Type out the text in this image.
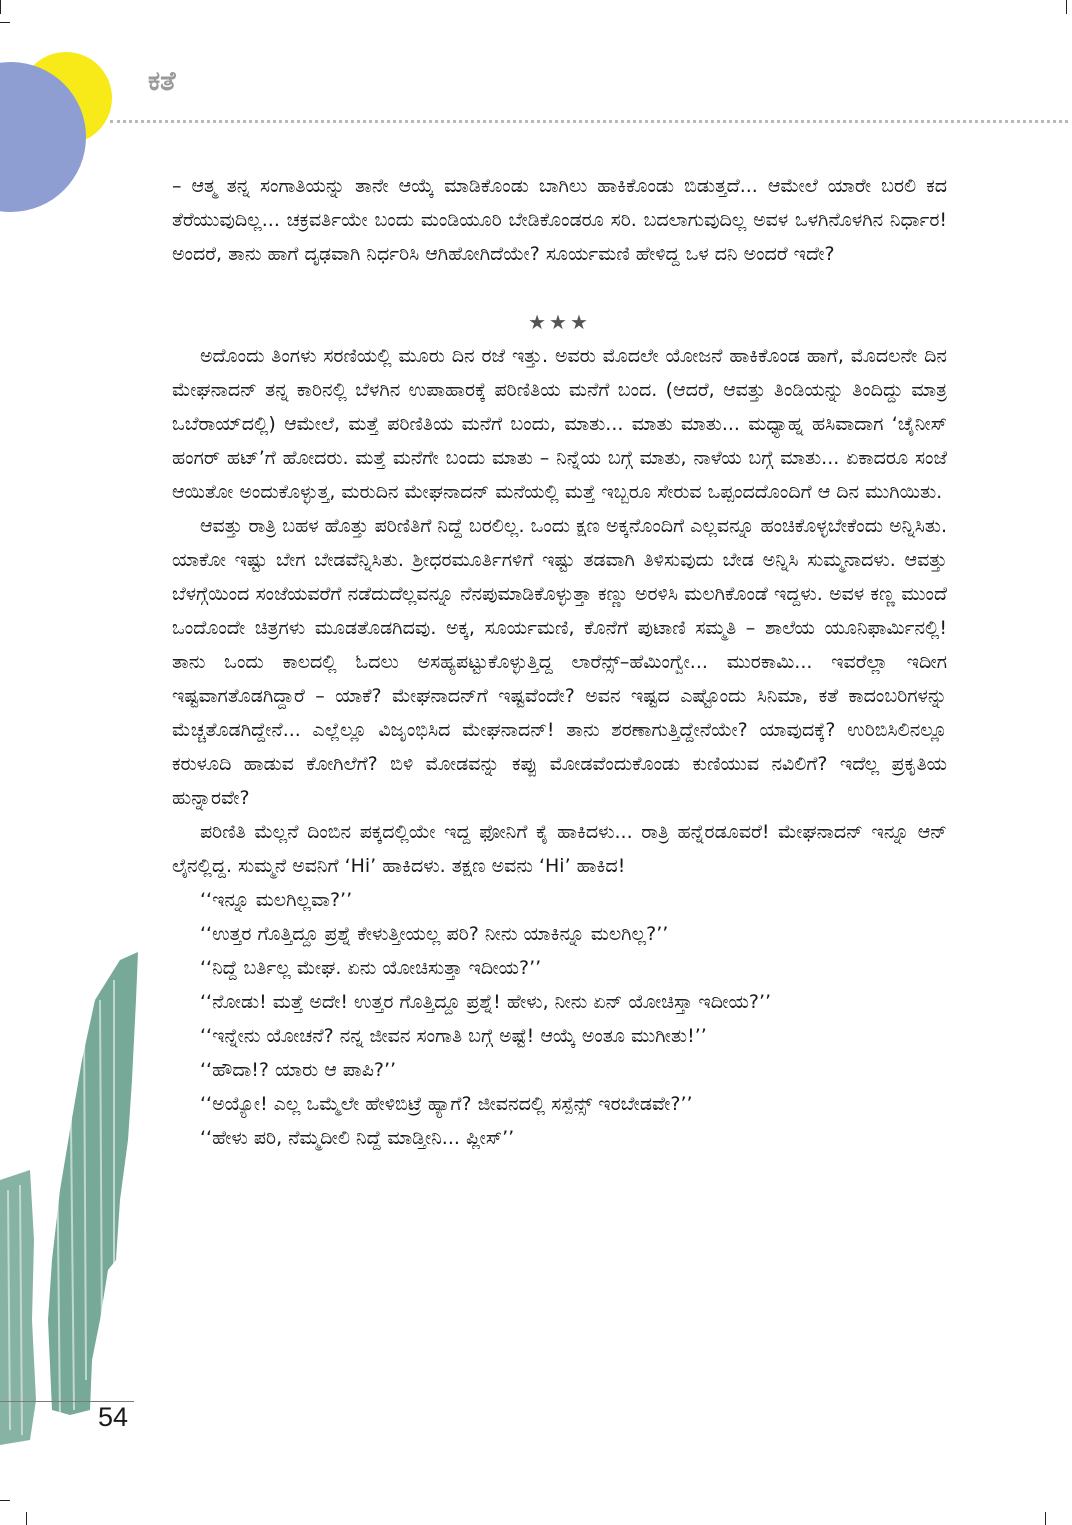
ಕತೆ
54

– ಆತ್ಮ ತನ್ನ ಸಂಗಾತಿಯನ್ನು ತಾನೇ ಆಯ್ಕೆ ಮಾಡಿಕೊಂಡು ಬಾಗಿಲು ಹಾಕಿಕೊಂಡು ಬಿಡುತ್ತದೆ... ಆಮೇಲೆ ಯಾರೇ ಬರಲಿ ಕದ ತೆರೆಯುವುದಿಲ್ಲ... ಚಕ್ರವರ್ತಿಯೇ ಬಂದು ಮಂಡಿಯೂರಿ ಬೇಡಿಕೊಂಡರೂ ಸರಿ. ಬದಲಾಗುವುದಿಲ್ಲ ಅವಳ ಒಳಗಿನೊಳಗಿನ ನಿರ್ಧಾರ! ಅಂದರೆ, ತಾನು ಹಾಗೆ ದೃಢವಾಗಿ ನಿರ್ಧರಿಸಿ ಆಗಿಹೋಗಿದೆಯೇ? ಸೂರ್ಯಮಣಿ ಹೇಳಿದ್ದ ಒಳ ದನಿ ಅಂದರೆ ಇದೇ?

★★★

ಅದೊಂದು ತಿಂಗಳು ಸರಣಿಯಲ್ಲಿ ಮೂರು ದಿನ ರಜೆ ಇತ್ತು. ಅವರು ಮೊದಲೇ ಯೋಜನೆ ಹಾಕಿಕೊಂಡ ಹಾಗೆ, ಮೊದಲನೇ ದಿನ ಮೇಘನಾದನ್ ತನ್ನ ಕಾರಿನಲ್ಲಿ ಬೆಳಗಿನ ಉಪಾಹಾರಕ್ಕೆ ಪರಿಣಿತಿಯ ಮನೆಗೆ ಬಂದ. (ಆದರೆ, ಆವತ್ತು ತಿಂಡಿಯನ್ನು ತಿಂದಿದ್ದು ಮಾತ್ರ ಒಬೆರಾಯ್‌ದಲ್ಲಿ) ಆಮೇಲೆ, ಮತ್ತೆ ಪರಿಣಿತಿಯ ಮನೆಗೆ ಬಂದು, ಮಾತು... ಮಾತು ಮಾತು... ಮಧ್ಯಾಹ್ನ ಹಸಿವಾದಾಗ ‘ಚೈನೀಸ್ ಹಂಗರ್ ಹಟ್’ಗೆ ಹೋದರು. ಮತ್ತೆ ಮನೆಗೇ ಬಂದು ಮಾತು – ನಿನ್ನೆಯ ಬಗ್ಗೆ ಮಾತು, ನಾಳೆಯ ಬಗ್ಗೆ ಮಾತು... ಏಕಾದರೂ ಸಂಜೆ ಆಯಿತೋ ಅಂದುಕೊಳ್ಳುತ್ತ, ಮರುದಿನ ಮೇಘನಾದನ್ ಮನೆಯಲ್ಲಿ ಮತ್ತೆ ಇಬ್ಬರೂ ಸೇರುವ ಒಪ್ಪಂದದೊಂದಿಗೆ ಆ ದಿನ ಮುಗಿಯಿತು.

ಆವತ್ತು ರಾತ್ರಿ ಬಹಳ ಹೊತ್ತು ಪರಿಣಿತಿಗೆ ನಿದ್ದೆ ಬರಲಿಲ್ಲ. ಒಂದು ಕ್ಷಣ ಅಕ್ಕನೊಂದಿಗೆ ಎಲ್ಲವನ್ನೂ ಹಂಚಿಕೊಳ್ಳಬೇಕೆಂದು ಅನ್ನಿಸಿತು. ಯಾಕೋ ಇಷ್ಟು ಬೇಗ ಬೇಡವೆನ್ನಿಸಿತು. ಶ್ರೀಧರಮೂರ್ತಿಗಳಿಗೆ ಇಷ್ಟು ತಡವಾಗಿ ತಿಳಿಸುವುದು ಬೇಡ ಅನ್ನಿಸಿ ಸುಮ್ಮನಾದಳು. ಆವತ್ತು ಬೆಳಗ್ಗೆಯಿಂದ ಸಂಜೆಯವರೆಗೆ ನಡೆದುದೆಲ್ಲವನ್ನೂ ನೆನಪುಮಾಡಿಕೊಳ್ಳುತ್ತಾ ಕಣ್ಣು ಅರಳಿಸಿ ಮಲಗಿಕೊಂಡೆ ಇದ್ದಳು. ಅವಳ ಕಣ್ಣ ಮುಂದೆ ಒಂದೊಂದೇ ಚಿತ್ರಗಳು ಮೂಡತೊಡಗಿದವು. ಅಕ್ಕ, ಸೂರ್ಯಮಣಿ, ಕೊನೆಗೆ ಪುಟಾಣಿ ಸಮ್ಮತಿ – ಶಾಲೆಯ ಯೂನಿಫಾರ್ಮಿನಲ್ಲಿ! ತಾನು ಒಂದು ಕಾಲದಲ್ಲಿ ಓದಲು ಅಸಹ್ಯಪಟ್ಟುಕೊಳ್ಳುತ್ತಿದ್ದ ಲಾರೆನ್ಸ್–ಹೆಮಿಂಗ್ವೇ... ಮುರಕಾಮಿ... ಇವರೆಲ್ಲಾ ಇದೀಗ ಇಷ್ಟವಾಗತೊಡಗಿದ್ದಾರೆ – ಯಾಕೆ? ಮೇಘನಾದನ್‌ಗೆ ಇಷ್ಟವೆಂದೇ? ಅವನ ಇಷ್ಟದ ಎಷ್ಟೊಂದು ಸಿನಿಮಾ, ಕತೆ ಕಾದಂಬರಿಗಳನ್ನು ಮೆಚ್ಚತೊಡಗಿದ್ದೇನೆ... ಎಲ್ಲೆಲ್ಲೂ ವಿಜೃಂಭಿಸಿದ ಮೇಘನಾದನ್! ತಾನು ಶರಣಾಗುತ್ತಿದ್ದೇನೆಯೇ? ಯಾವುದಕ್ಕೆ? ಉರಿಬಿಸಿಲಿನಲ್ಲೂ ಕರುಳೂದಿ ಹಾಡುವ ಕೋಗಿಲೆಗೆ? ಬಿಳಿ ಮೋಡವನ್ನು ಕಪ್ಪು ಮೋಡವೆಂದುಕೊಂಡು ಕುಣಿಯುವ ನವಿಲಿಗೆ? ಇದೆಲ್ಲ ಪ್ರಕೃತಿಯ ಹುನ್ನಾರವೇ?

ಪರಿಣಿತಿ ಮೆಲ್ಲನೆ ದಿಂಬಿನ ಪಕ್ಕದಲ್ಲಿಯೇ ಇದ್ದ ಫೋನಿಗೆ ಕೈ ಹಾಕಿದಳು... ರಾತ್ರಿ ಹನ್ನೆರಡೂವರೆ! ಮೇಘನಾದನ್ ಇನ್ನೂ ಆನ್ ಲೈನಲ್ಲಿದ್ದ. ಸುಮ್ಮನೆ ಅವನಿಗೆ ‘Hi’ ಹಾಕಿದಳು. ತಕ್ಷಣ ಅವನು ‘Hi’ ಹಾಕಿದ!

‘‘ಇನ್ನೂ ಮಲಗಿಲ್ಲವಾ?’’

‘‘ಉತ್ತರ ಗೊತ್ತಿದ್ದೂ ಪ್ರಶ್ನೆ ಕೇಳುತ್ತೀಯಲ್ಲ ಪರಿ? ನೀನು ಯಾಕಿನ್ನೂ ಮಲಗಿಲ್ಲ?’’

‘‘ನಿದ್ದೆ ಬರ್ತಿಲ್ಲ ಮೇಘ. ಏನು ಯೋಚಿಸುತ್ತಾ ಇದೀಯ?’’

‘‘ನೋಡು! ಮತ್ತೆ ಅದೇ! ಉತ್ತರ ಗೊತ್ತಿದ್ದೂ ಪ್ರಶ್ನೆ! ಹೇಳು, ನೀನು ಏನ್ ಯೋಚಿಸ್ತಾ ಇದೀಯ?’’

‘‘ಇನ್ನೇನು ಯೋಚನೆ? ನನ್ನ ಜೀವನ ಸಂಗಾತಿ ಬಗ್ಗೆ ಅಷ್ಟೆ! ಆಯ್ಕೆ ಅಂತೂ ಮುಗೀತು!’’

‘‘ಹೌದಾ!? ಯಾರು ಆ ಪಾಪಿ?’’

‘‘ಅಯ್ಯೋ! ಎಲ್ಲ ಒಮ್ಮೆಲೇ ಹೇಳಿಬಿಟ್ರೆ ಹ್ಯಾಗೆ? ಜೀವನದಲ್ಲಿ ಸಸ್ಪೆನ್ಸ್ ಇರಬೇಡವೇ?’’

‘‘ಹೇಳು ಪರಿ, ನೆಮ್ಮದೀಲಿ ನಿದ್ದೆ ಮಾಡ್ತೀನಿ... ಪ್ಲೀಸ್’’
